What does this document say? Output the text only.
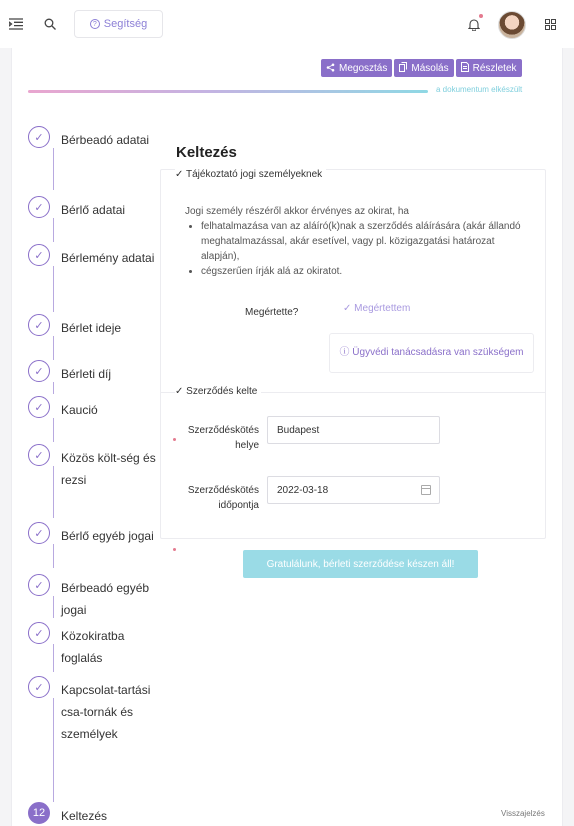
? Segítség
Megosztás Másolás Részletek
a dokumentum elkészült
✓	Bérbeadó adatai
✓	Bérlő adatai
✓	Bérlemény adatai
✓	Bérlet ideje
✓	Bérleti díj
✓	Kaució
✓	Közös költ-ség és rezsi
✓	Bérlő egyéb jogai
✓	Bérbeadó egyéb jogai
✓	Közokiratba foglalás
✓	Kapcsolat-tartási csa-tornák és személyek
12	Keltezés
Keltezés
✓ Tájékoztató jogi személyeknek
Jogi személy részéről akkor érvényes az okirat, ha
• felhatalmazása van az aláíró(k)nak a szerződés aláírására (akár állandó meghatalmazással, akár esetível, vagy pl. közigazgatási határozat alapján),
• cégszerűen írják alá az okiratot.
Megértette?	✓ Megértettem
ⓘ Ügyvédi tanácsadásra van szükségem
✓ Szerződés kelte
Szerződéskötés helye
Budapest
Szerződéskötés időpontja
2022-03-18
Gratulálunk, bérleti szerződése készen áll!
Visszajelzés
